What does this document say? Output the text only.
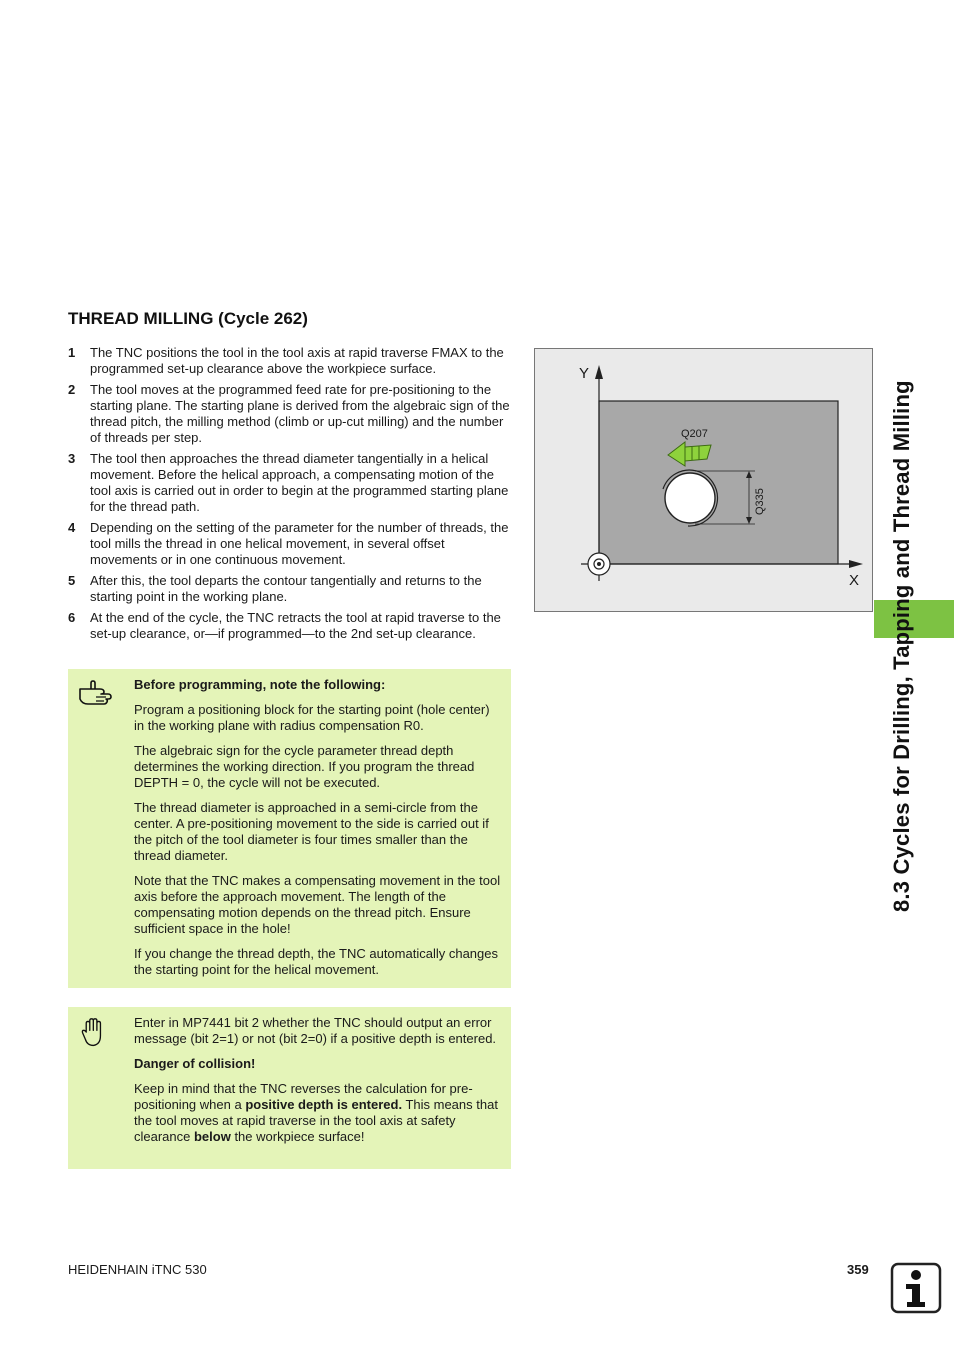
THREAD MILLING (Cycle 262)
1	The TNC positions the tool in the tool axis at rapid traverse FMAX to the programmed set-up clearance above the workpiece surface.
2	The tool moves at the programmed feed rate for pre-positioning to the starting plane. The starting plane is derived from the algebraic sign of the thread pitch, the milling method (climb or up-cut milling) and the number of threads per step.
3	The tool then approaches the thread diameter tangentially in a helical movement. Before the helical approach, a compensating motion of the tool axis is carried out in order to begin at the programmed starting plane for the thread path.
4	Depending on the setting of the parameter for the number of threads, the tool mills the thread in one helical movement, in several offset movements or in one continuous movement.
5	After this, the tool departs the contour tangentially and returns to the starting point in the working plane.
6	At the end of the cycle, the TNC retracts the tool at rapid traverse to the set-up clearance, or—if programmed—to the 2nd set-up clearance.

Before programming, note the following:

Program a positioning block for the starting point (hole center) in the working plane with radius compensation R0.

The algebraic sign for the cycle parameter thread depth determines the working direction. If you program the thread DEPTH = 0, the cycle will not be executed.

The thread diameter is approached in a semi-circle from the center. A pre-positioning movement to the side is carried out if the pitch of the tool diameter is four times smaller than the thread diameter.

Note that the TNC makes a compensating movement in the tool axis before the approach movement. The length of the compensating motion depends on the thread pitch. Ensure sufficient space in the hole!

If you change the thread depth, the TNC automatically changes the starting point for the helical movement.

Enter in MP7441 bit 2 whether the TNC should output an error message (bit 2=1) or not (bit 2=0) if a positive depth is entered.

Danger of collision!

Keep in mind that the TNC reverses the calculation for pre-positioning when a positive depth is entered. This means that the tool moves at rapid traverse in the tool axis at safety clearance below the workpiece surface!

Y
X
Q207
Q335	8.3 Cycles for Drilling, Tapping and Thread Milling
HEIDENHAIN iTNC 530	359
